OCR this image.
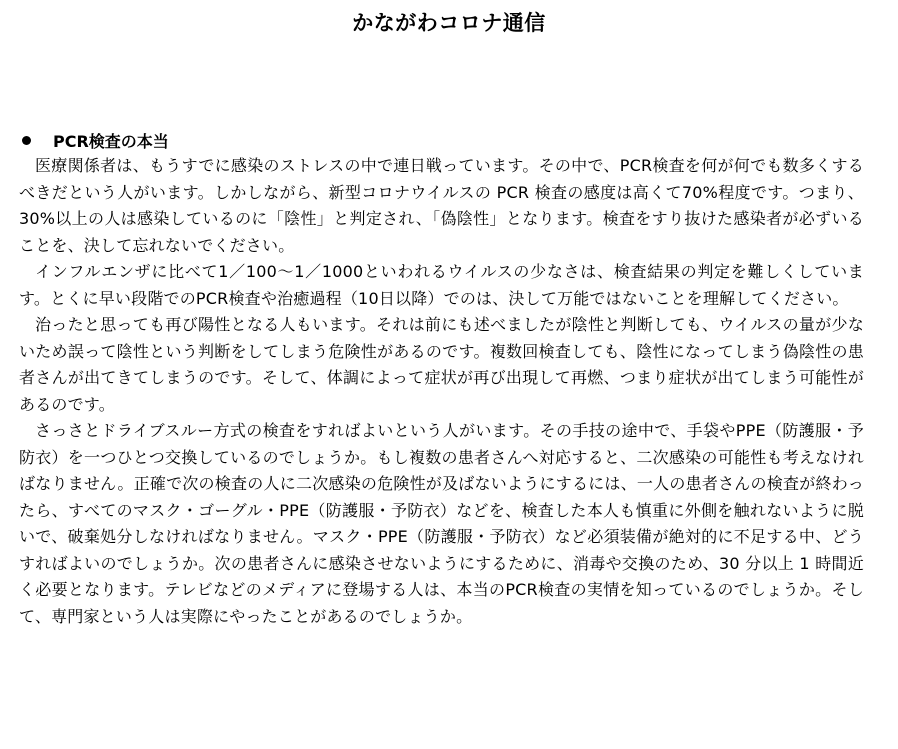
かながわコロナ通信
PCR検査の本当

医療関係者は、もうすでに感染のストレスの中で連日戦っています。その中で、PCR検査を何が何でも数多くするべきだという人がいます。しかしながら、新型コロナウイルスの PCR 検査の感度は高くて70%程度です。つまり、30%以上の人は感染しているのに「陰性」と判定され、「偽陰性」となります。検査をすり抜けた感染者が必ずいることを、決して忘れないでください。

インフルエンザに比べて1／100～1／1000といわれるウイルスの少なさは、検査結果の判定を難しくしています。とくに早い段階でのPCR検査や治癒過程（10日以降）でのは、決して万能ではないことを理解してください。

治ったと思っても再び陽性となる人もいます。それは前にも述べましたが陰性と判断しても、ウイルスの量が少ないため誤って陰性という判断をしてしまう危険性があるのです。複数回検査しても、陰性になってしまう偽陰性の患者さんが出てきてしまうのです。そして、体調によって症状が再び出現して再燃、つまり症状が出てしまう可能性があるのです。

さっさとドライブスルー方式の検査をすればよいという人がいます。その手技の途中で、手袋やPPE（防護服・予防衣）を一つひとつ交換しているのでしょうか。もし複数の患者さんへ対応すると、二次感染の可能性も考えなければなりません。正確で次の検査の人に二次感染の危険性が及ばないようにするには、一人の患者さんの検査が終わったら、すべてのマスク・ゴーグル・PPE（防護服・予防衣）などを、検査した本人も慎重に外側を触れないように脱いで、破棄処分しなければなりません。マスク・PPE（防護服・予防衣）など必須装備が絶対的に不足する中、どうすればよいのでしょうか。次の患者さんに感染させないようにするために、消毒や交換のため、30 分以上 1 時間近く必要となります。テレビなどのメディアに登場する人は、本当のPCR検査の実情を知っているのでしょうか。そして、専門家という人は実際にやったことがあるのでしょうか。
